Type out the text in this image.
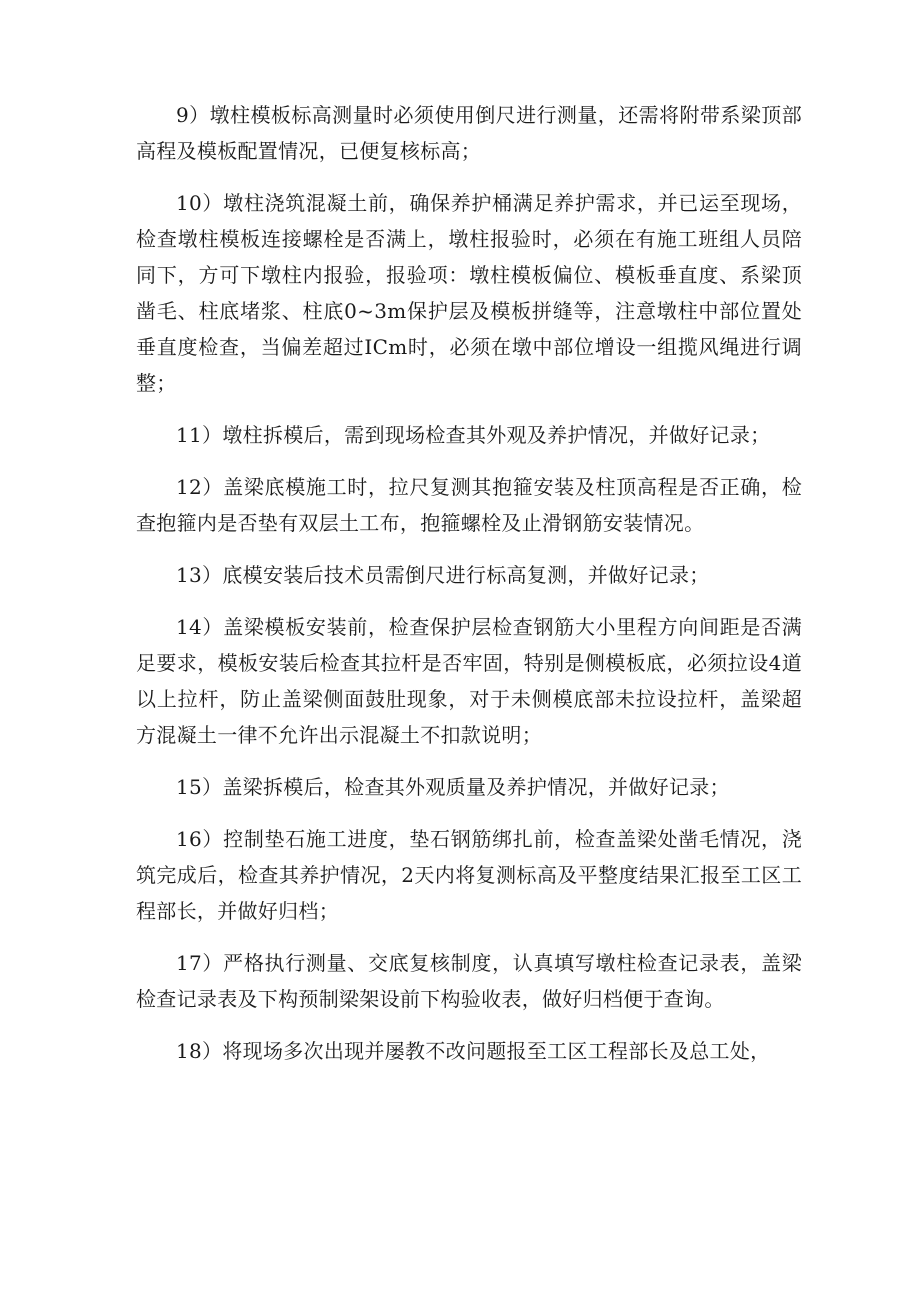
9）墩柱模板标高测量时必须使用倒尺进行测量，还需将附带系梁顶部高程及模板配置情况，已便复核标高；

10）墩柱浇筑混凝土前，确保养护桶满足养护需求，并已运至现场，检查墩柱模板连接螺栓是否满上，墩柱报验时，必须在有施工班组人员陪同下，方可下墩柱内报验，报验项：墩柱模板偏位、模板垂直度、系梁顶凿毛、柱底堵浆、柱底0~3m保护层及模板拼缝等，注意墩柱中部位置处垂直度检查，当偏差超过ICm时，必须在墩中部位增设一组揽风绳进行调整；

11）墩柱拆模后，需到现场检查其外观及养护情况，并做好记录；

12）盖梁底模施工时，拉尺复测其抱箍安装及柱顶高程是否正确，检查抱箍内是否垫有双层土工布，抱箍螺栓及止滑钢筋安装情况。

13）底模安装后技术员需倒尺进行标高复测，并做好记录；

14）盖梁模板安装前，检查保护层检查钢筋大小里程方向间距是否满足要求，模板安装后检查其拉杆是否牢固，特别是侧模板底，必须拉设4道以上拉杆，防止盖梁侧面鼓肚现象，对于未侧模底部未拉设拉杆，盖梁超方混凝土一律不允许出示混凝土不扣款说明；

15）盖梁拆模后，检查其外观质量及养护情况，并做好记录；

16）控制垫石施工进度，垫石钢筋绑扎前，检查盖梁处凿毛情况，浇筑完成后，检查其养护情况，2天内将复测标高及平整度结果汇报至工区工程部长，并做好归档；

17）严格执行测量、交底复核制度，认真填写墩柱检查记录表，盖梁检查记录表及下构预制梁架设前下构验收表，做好归档便于查询。

18）将现场多次出现并屡教不改问题报至工区工程部长及总工处，
